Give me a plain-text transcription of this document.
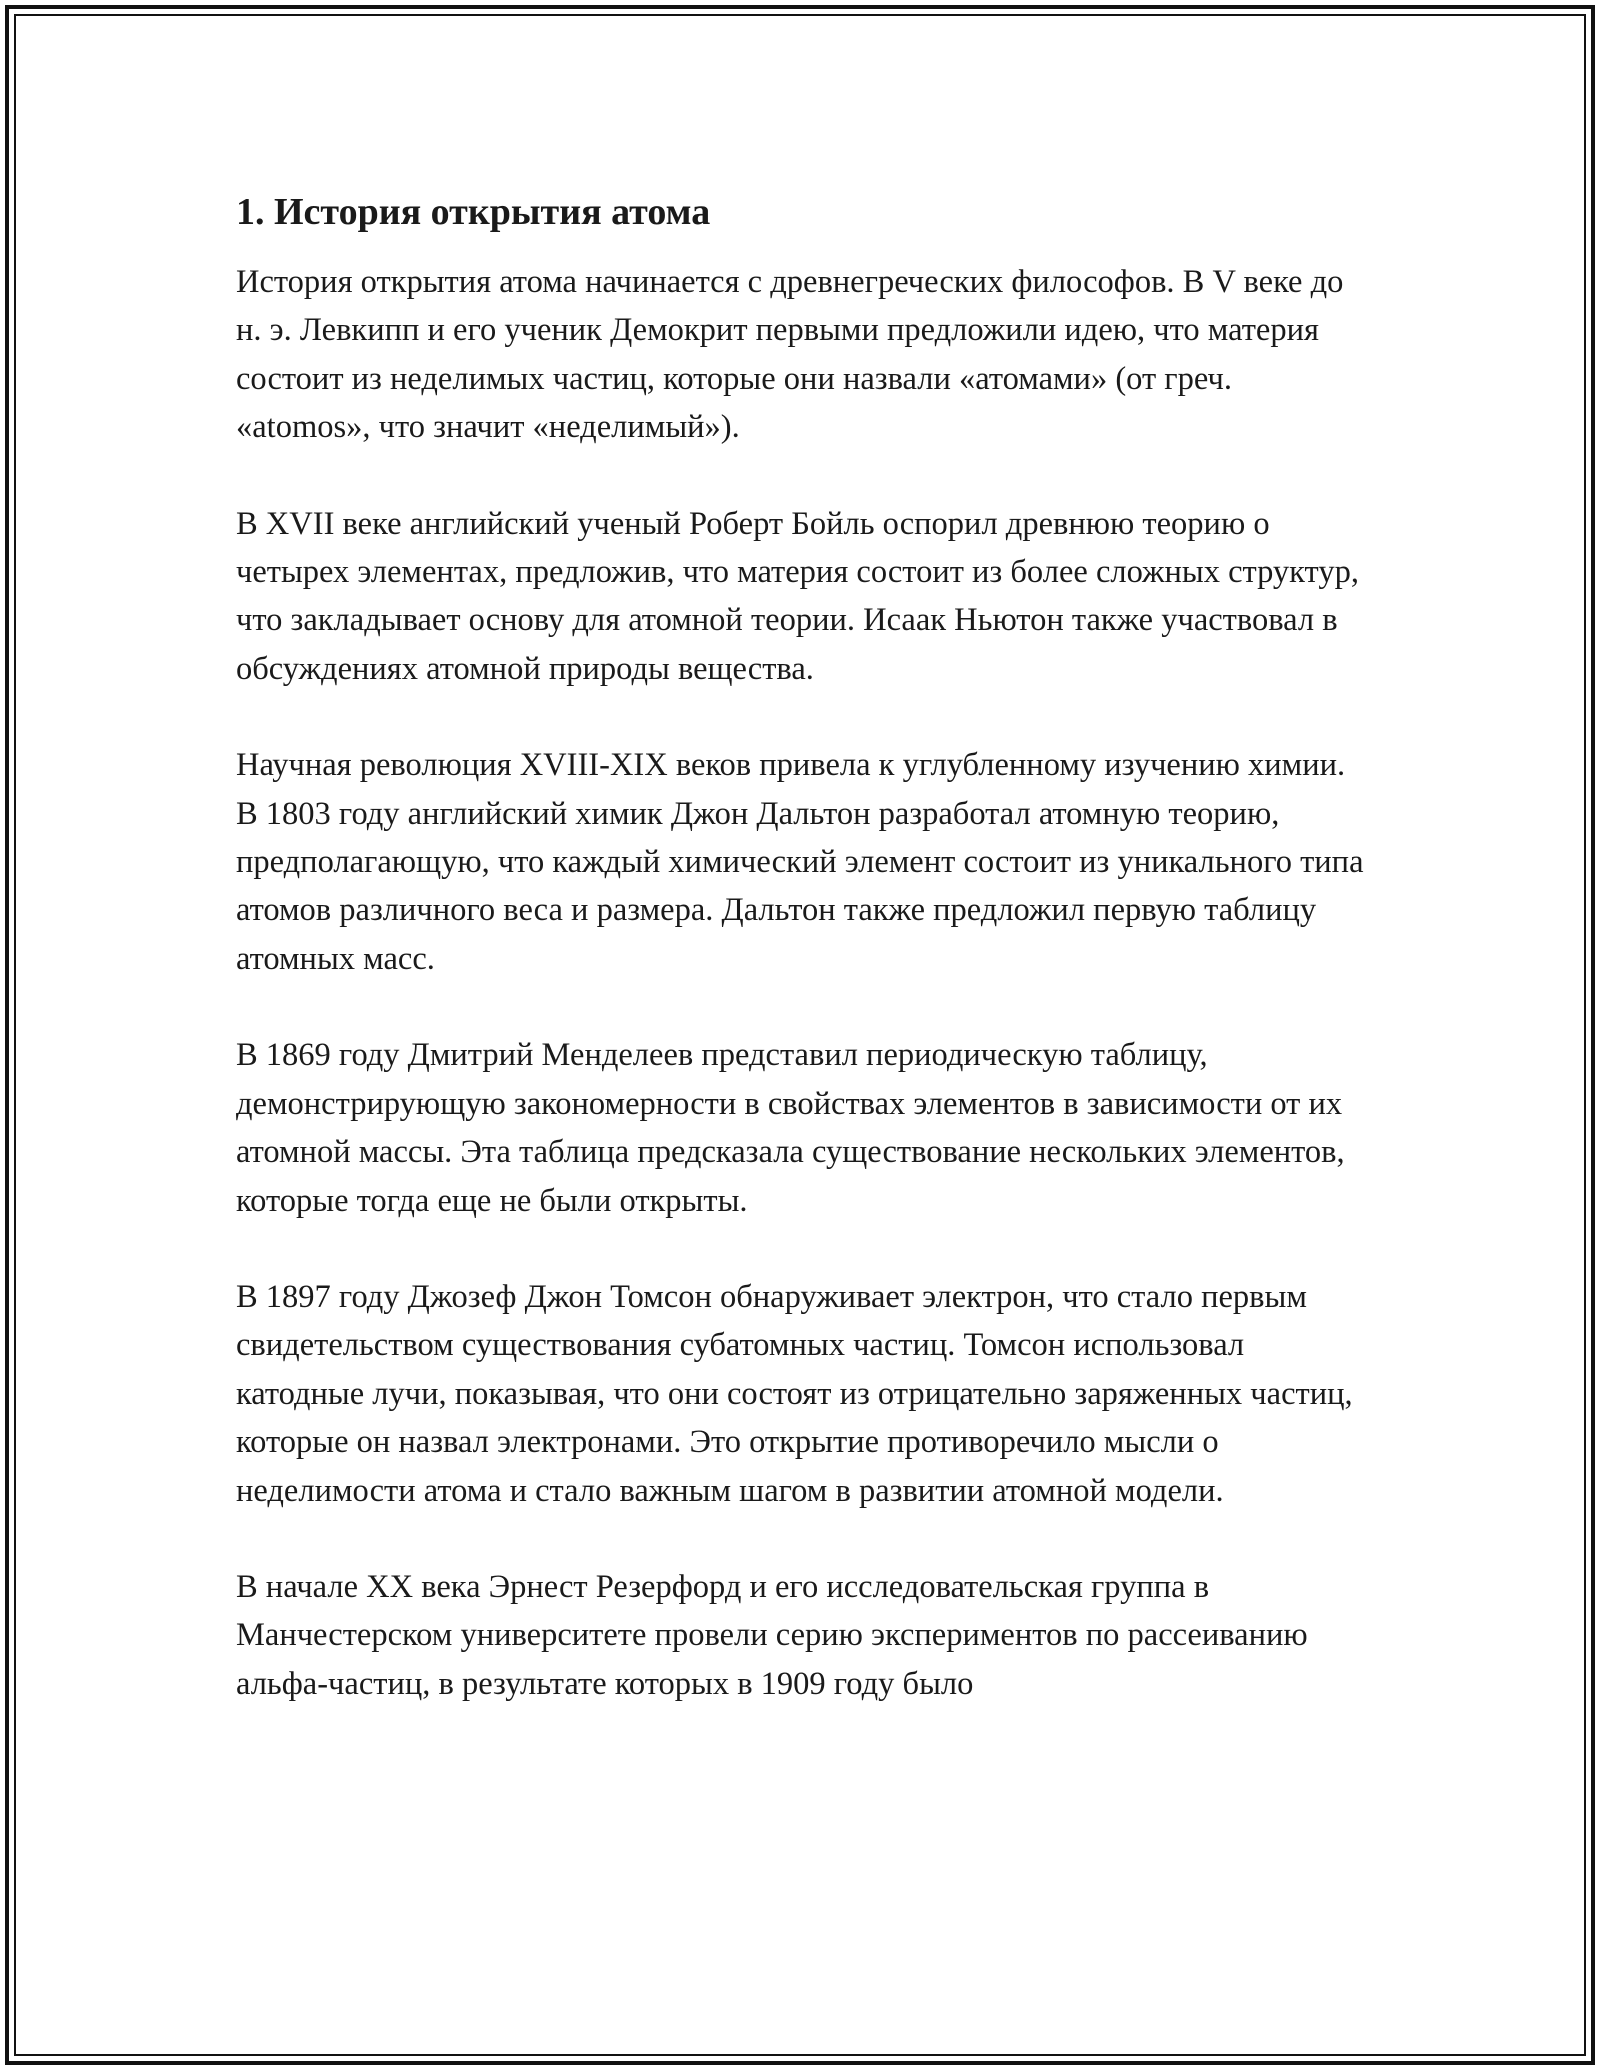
1. История открытия атома

История открытия атома начинается с древнегреческих философов. В V веке до н. э. Левкипп и его ученик Демокрит первыми предложили идею, что материя состоит из неделимых частиц, которые они назвали «атомами» (от греч. «atomos», что значит «неделимый»).

В XVII веке английский ученый Роберт Бойль оспорил древнюю теорию о четырех элементах, предложив, что материя состоит из более сложных структур, что закладывает основу для атомной теории. Исаак Ньютон также участвовал в обсуждениях атомной природы вещества.

Научная революция XVIII-XIX веков привела к углубленному изучению химии. В 1803 году английский химик Джон Дальтон разработал атомную теорию, предполагающую, что каждый химический элемент состоит из уникального типа атомов различного веса и размера. Дальтон также предложил первую таблицу атомных масс.

В 1869 году Дмитрий Менделеев представил периодическую таблицу, демонстрирующую закономерности в свойствах элементов в зависимости от их атомной массы. Эта таблица предсказала существование нескольких элементов, которые тогда еще не были открыты.

В 1897 году Джозеф Джон Томсон обнаруживает электрон, что стало первым свидетельством существования субатомных частиц. Томсон использовал катодные лучи, показывая, что они состоят из отрицательно заряженных частиц, которые он назвал электронами. Это открытие противоречило мысли о неделимости атома и стало важным шагом в развитии атомной модели.

В начале XX века Эрнест Резерфорд и его исследовательская группа в Манчестерском университете провели серию экспериментов по рассеиванию альфа-частиц, в результате которых в 1909 году было
